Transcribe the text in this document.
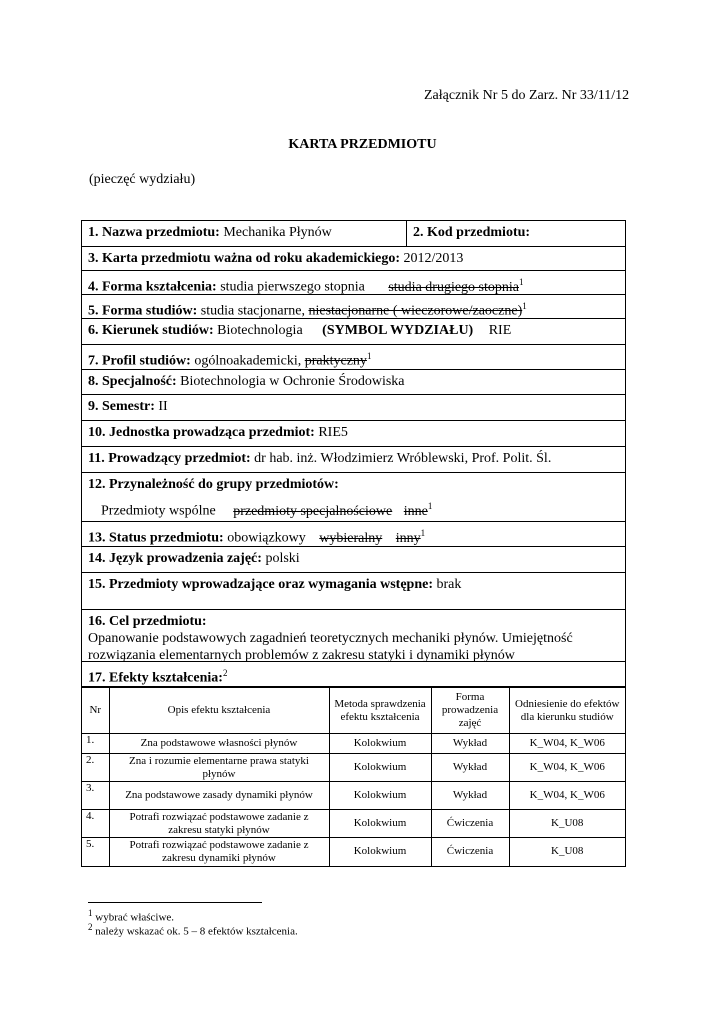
Załącznik Nr 5 do Zarz. Nr 33/11/12
KARTA PRZEDMIOTU
(pieczęć wydziału)
1. Nazwa przedmiotu: Mechanika Płynów	2. Kod przedmiotu:
3. Karta przedmiotu ważna od roku akademickiego: 2012/2013
4. Forma kształcenia: studia pierwszego stopnia studia drugiego stopnia$^1$
5. Forma studiów: studia stacjonarne, niestacjonarne ( wieczorowe/zaoczne)$^1$
6. Kierunek studiów: Biotechnologia (SYMBOL WYDZIAŁU) RIE
7. Profil studiów: ogólnoakademicki, praktyczny$^1$
8. Specjalność: Biotechnologia w Ochronie Środowiska
9. Semestr: II
10. Jednostka prowadząca przedmiot: RIE5
11. Prowadzący przedmiot: dr hab. inż. Włodzimierz Wróblewski, Prof. Polit. Śl.
12. Przynależność do grupy przedmiotów:
Przedmioty wspólne przedmioty specjalnościowe inne$^1$
13. Status przedmiotu: obowiązkowy wybieralny inny$^1$
14. Język prowadzenia zajęć: polski
15. Przedmioty wprowadzające oraz wymagania wstępne: brak
16. Cel przedmiotu:
Opanowanie podstawowych zagadnień teoretycznych mechaniki płynów. Umiejętność rozwiązania elementarnych problemów z zakresu statyki i dynamiki płynów
17. Efekty kształcenia:$^2$
Nr	Opis efektu kształcenia	Metoda sprawdzenia efektu kształcenia	Forma prowadzenia zajęć	Odniesienie do efektów dla kierunku studiów
1.	Zna podstawowe własności płynów	Kolokwium	Wykład	K_W04, K_W06
2.	Zna i rozumie elementarne prawa statyki płynów	Kolokwium	Wykład	K_W04, K_W06
3.	Zna podstawowe zasady dynamiki płynów	Kolokwium	Wykład	K_W04, K_W06
4.	Potrafi rozwiązać podstawowe zadanie z zakresu statyki płynów	Kolokwium	Ćwiczenia	K_U08
5.	Potrafi rozwiązać podstawowe zadanie z zakresu dynamiki płynów	Kolokwium	Ćwiczenia	K_U08
$^1$ wybrać właściwe.
$^2$ należy wskazać ok. 5 – 8 efektów kształcenia.
